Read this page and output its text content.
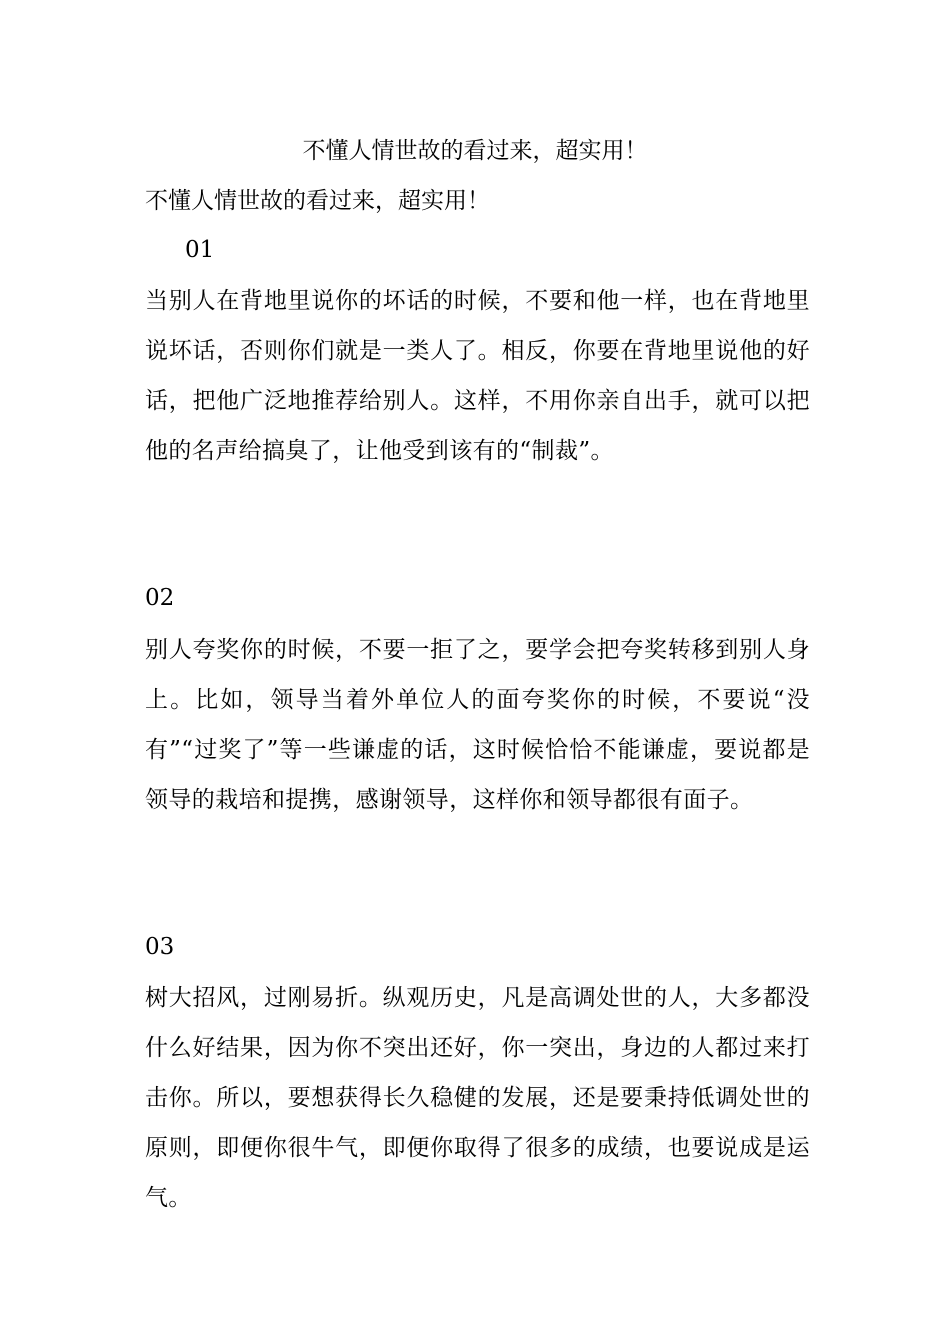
不懂人情世故的看过来，超实用！
不懂人情世故的看过来，超实用！
01
当别人在背地里说你的坏话的时候，不要和他一样，也在背地里说坏话，否则你们就是一类人了。相反，你要在背地里说他的好话，把他广泛地推荐给别人。这样，不用你亲自出手，就可以把他的名声给搞臭了，让他受到该有的“制裁”。
02
别人夸奖你的时候，不要一拒了之，要学会把夸奖转移到别人身上。比如，领导当着外单位人的面夸奖你的时候，不要说“没有”“过奖了”等一些谦虚的话，这时候恰恰不能谦虚，要说都是领导的栽培和提携，感谢领导，这样你和领导都很有面子。
03
树大招风，过刚易折。纵观历史，凡是高调处世的人，大多都没什么好结果，因为你不突出还好，你一突出，身边的人都过来打击你。所以，要想获得长久稳健的发展，还是要秉持低调处世的原则，即便你很牛气，即便你取得了很多的成绩，也要说成是运气。
